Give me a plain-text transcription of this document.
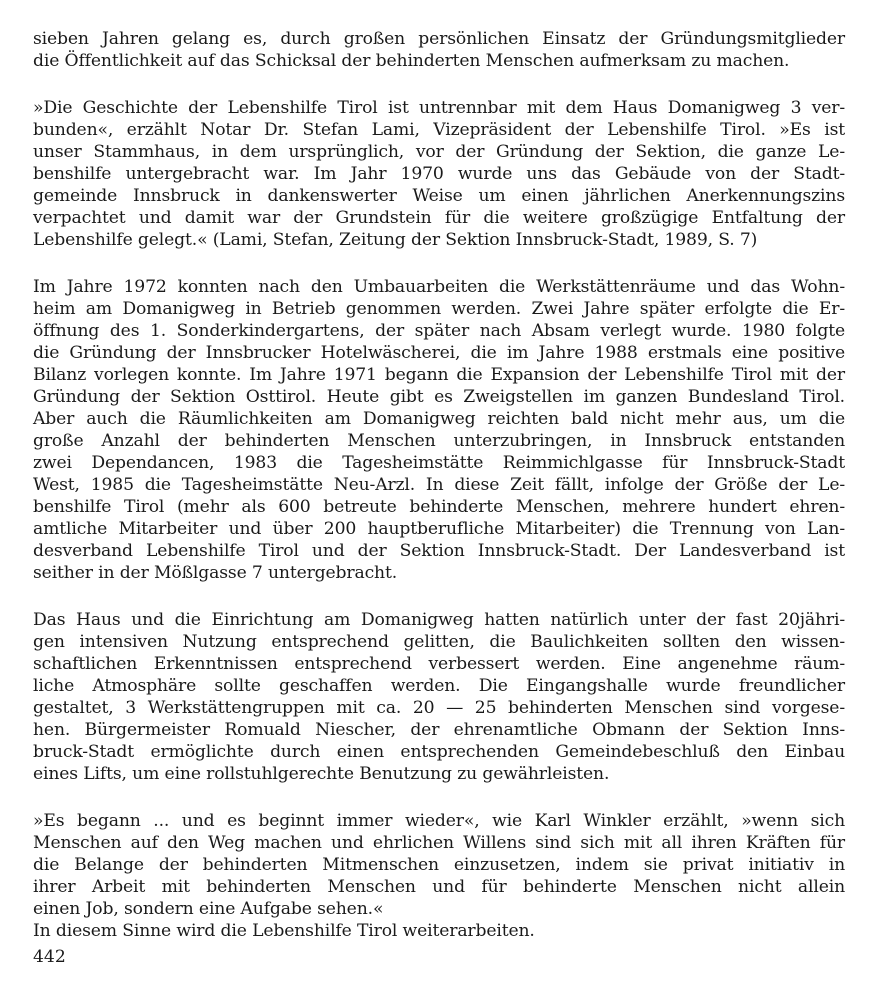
sieben Jahren gelang es, durch großen persönlichen Einsatz der Gründungsmitglieder
die Öffentlichkeit auf das Schicksal der behinderten Menschen aufmerksam zu machen.

»Die Geschichte der Lebenshilfe Tirol ist untrennbar mit dem Haus Domanigweg 3 ver-
bunden«, erzählt Notar Dr. Stefan Lami, Vizepräsident der Lebenshilfe Tirol. »Es ist
unser Stammhaus, in dem ursprünglich, vor der Gründung der Sektion, die ganze Le-
benshilfe untergebracht war. Im Jahr 1970 wurde uns das Gebäude von der Stadt-
gemeinde Innsbruck in dankenswerter Weise um einen jährlichen Anerkennungszins
verpachtet und damit war der Grundstein für die weitere großzügige Entfaltung der
Lebenshilfe gelegt.« (Lami, Stefan, Zeitung der Sektion Innsbruck-Stadt, 1989, S. 7)

Im Jahre 1972 konnten nach den Umbauarbeiten die Werkstättenräume und das Wohn-
heim am Domanigweg in Betrieb genommen werden. Zwei Jahre später erfolgte die Er-
öffnung des 1. Sonderkindergartens, der später nach Absam verlegt wurde. 1980 folgte
die Gründung der Innsbrucker Hotelwäscherei, die im Jahre 1988 erstmals eine positive
Bilanz vorlegen konnte. Im Jahre 1971 begann die Expansion der Lebenshilfe Tirol mit der
Gründung der Sektion Osttirol. Heute gibt es Zweigstellen im ganzen Bundesland Tirol.
Aber auch die Räumlichkeiten am Domanigweg reichten bald nicht mehr aus, um die
große Anzahl der behinderten Menschen unterzubringen, in Innsbruck entstanden
zwei Dependancen, 1983 die Tagesheimstätte Reimmichlgasse für Innsbruck-Stadt
West, 1985 die Tagesheimstätte Neu-Arzl. In diese Zeit fällt, infolge der Größe der Le-
benshilfe Tirol (mehr als 600 betreute behinderte Menschen, mehrere hundert ehren-
amtliche Mitarbeiter und über 200 hauptberufliche Mitarbeiter) die Trennung von Lan-
desverband Lebenshilfe Tirol und der Sektion Innsbruck-Stadt. Der Landesverband ist
seither in der Mößlgasse 7 untergebracht.

Das Haus und die Einrichtung am Domanigweg hatten natürlich unter der fast 20jähri-
gen intensiven Nutzung entsprechend gelitten, die Baulichkeiten sollten den wissen-
schaftlichen Erkenntnissen entsprechend verbessert werden. Eine angenehme räum-
liche Atmosphäre sollte geschaffen werden. Die Eingangshalle wurde freundlicher
gestaltet, 3 Werkstättengruppen mit ca. 20 — 25 behinderten Menschen sind vorgese-
hen. Bürgermeister Romuald Niescher, der ehrenamtliche Obmann der Sektion Inns-
bruck-Stadt ermöglichte durch einen entsprechenden Gemeindebeschluß den Einbau
eines Lifts, um eine rollstuhlgerechte Benutzung zu gewährleisten.

»Es begann ... und es beginnt immer wieder«, wie Karl Winkler erzählt, »wenn sich
Menschen auf den Weg machen und ehrlichen Willens sind sich mit all ihren Kräften für
die Belange der behinderten Mitmenschen einzusetzen, indem sie privat initiativ in
ihrer Arbeit mit behinderten Menschen und für behinderte Menschen nicht allein
einen Job, sondern eine Aufgabe sehen.«
In diesem Sinne wird die Lebenshilfe Tirol weiterarbeiten.

442
